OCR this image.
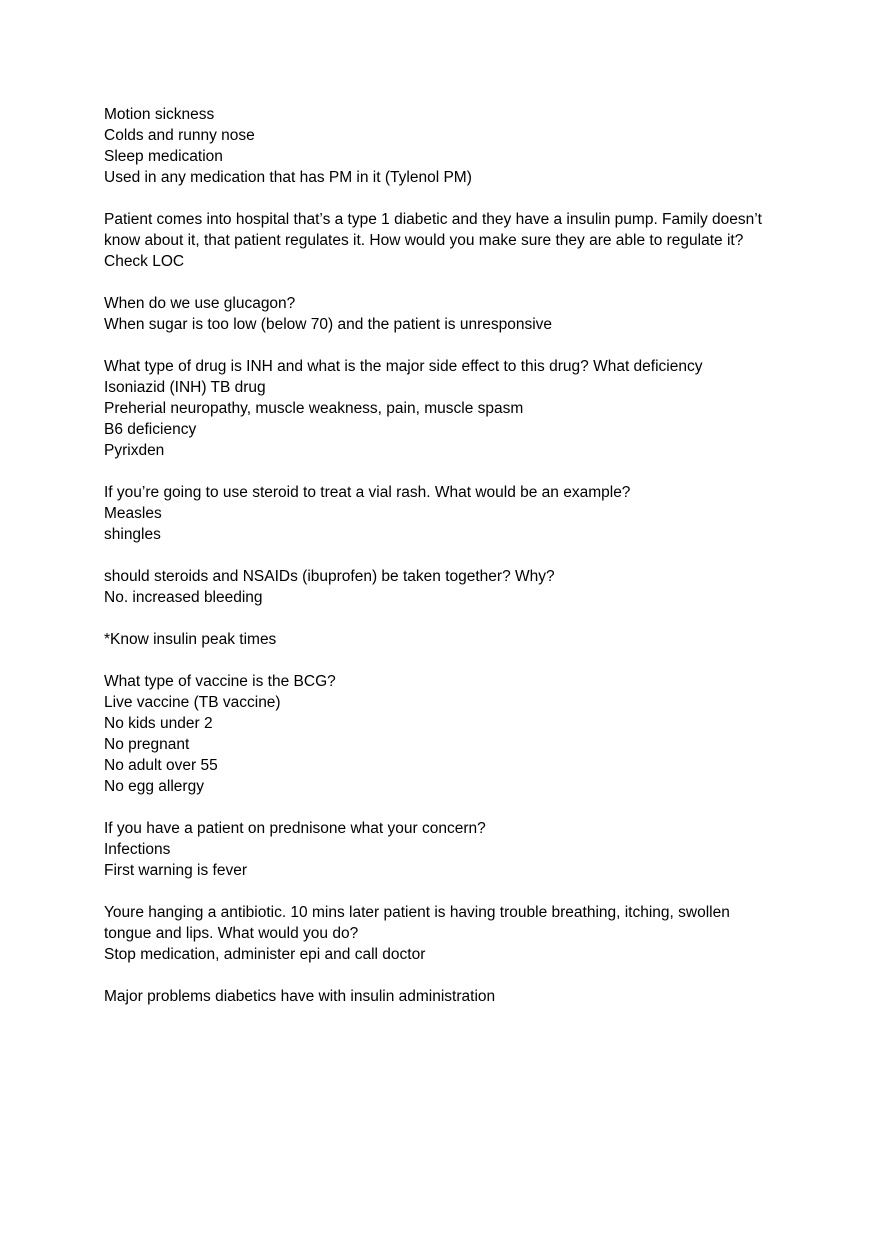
Motion sickness
Colds and runny nose
Sleep medication
Used in any medication that has PM in it (Tylenol PM)
Patient comes into hospital that’s a type 1 diabetic and they have a insulin pump. Family doesn’t know about it, that patient regulates it. How would you make sure they are able to regulate it?
Check LOC
When do we use glucagon?
When sugar is too low (below 70) and the patient is unresponsive
What type of drug is INH and what is the major side effect to this drug? What deficiency
Isoniazid (INH) TB drug
Preherial neuropathy, muscle weakness, pain, muscle spasm
B6 deficiency
Pyrixden
If you’re going to use steroid to treat a vial rash. What would be an example?
Measles
shingles
should steroids and NSAIDs (ibuprofen) be taken together? Why?
No. increased bleeding
*Know insulin peak times
What type of vaccine is the BCG?
Live vaccine (TB vaccine)
No kids under 2
No pregnant
No adult over 55
No egg allergy
If you have a patient on prednisone what your concern?
Infections
First warning is fever
Youre hanging a antibiotic. 10 mins later patient is having trouble breathing, itching, swollen tongue and lips. What would you do?
Stop medication, administer epi and call doctor
Major problems diabetics have with insulin administration
